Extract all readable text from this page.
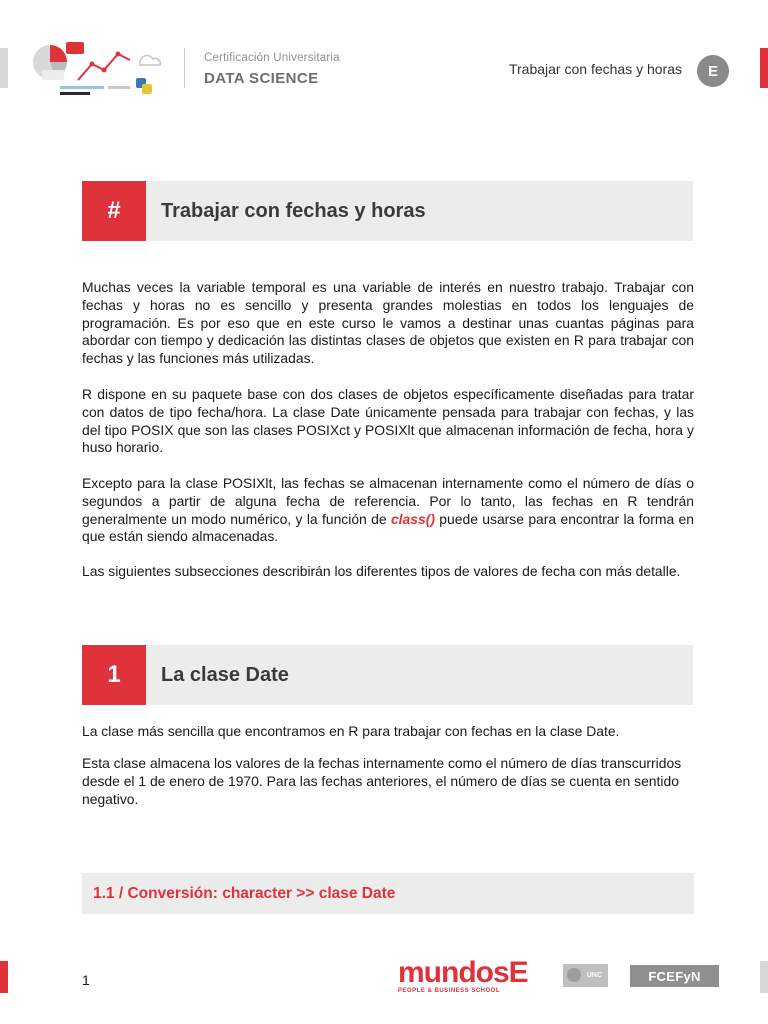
Certificación Universitaria
DATA SCIENCE
Trabajar con fechas y horas	E
#	Trabajar con fechas y horas

Muchas veces la variable temporal es una variable de interés en nuestro trabajo. Trabajar con fechas y horas no es sencillo y presenta grandes molestias en todos los lenguajes de programación. Es por eso que en este curso le vamos a destinar unas cuantas páginas para abordar con tiempo y dedicación las distintas clases de objetos que existen en R para trabajar con fechas y las funciones más utilizadas.

R dispone en su paquete base con dos clases de objetos específicamente diseñadas para tratar con datos de tipo fecha/hora. La clase Date únicamente pensada para trabajar con fechas, y las del tipo POSIX que son las clases POSIXct y POSIXlt que almacenan información de fecha, hora y huso horario.

Excepto para la clase POSIXlt, las fechas se almacenan internamente como el número de días o segundos a partir de alguna fecha de referencia. Por lo tanto, las fechas en R tendrán generalmente un modo numérico, y la función de class() puede usarse para encontrar la forma en que están siendo almacenadas.

Las siguientes subsecciones describirán los diferentes tipos de valores de fecha con más detalle.

1	La clase Date

La clase más sencilla que encontramos en R para trabajar con fechas en la clase Date.

Esta clase almacena los valores de la fechas internamente como el número de días transcurridos desde el 1 de enero de 1970. Para las fechas anteriores, el número de días se cuenta en sentido negativo.

1.1 / Conversión: character >> clase Date
1	mundosE
PEOPLE & BUSINESS SCHOOL
UNC	FCEFyN
